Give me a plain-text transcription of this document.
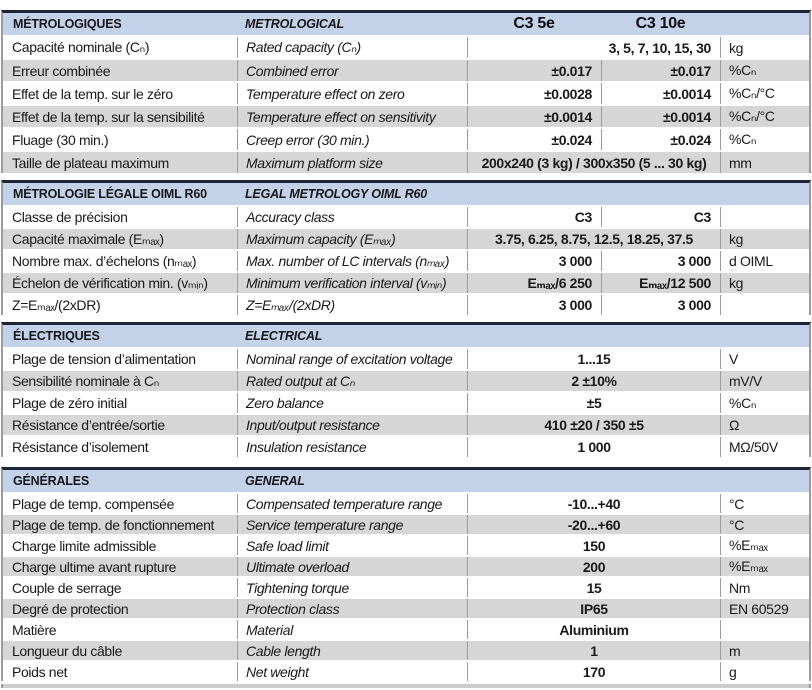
MÉTROLOGIQUES	METROLOGICAL	C3 5e	C3 10e
Capacité nominale (Cₙ)	Rated capacity (Cₙ)	3, 5, 7, 10, 15, 30	kg
Erreur combinée	Combined error	±0.017	±0.017	%Cₙ
Effet de la temp. sur le zéro	Temperature effect on zero	±0.0028	±0.0014	%Cₙ/°C
Effet de la temp. sur la sensibilité	Temperature effect on sensitivity	±0.0014	±0.0014	%Cₙ/°C
Fluage (30 min.)	Creep error (30 min.)	±0.024	±0.024	%Cₙ
Taille de plateau maximum	Maximum platform size	200x240 (3 kg) / 300x350 (5 ... 30 kg)	mm
MÉTROLOGIE LÉGALE OIML R60	LEGAL METROLOGY OIML R60
Classe de précision	Accuracy class	C3	C3
Capacité maximale (Eₘₐₓ)	Maximum capacity (Eₘₐₓ)	3.75, 6.25, 8.75, 12.5, 18.25, 37.5	kg
Nombre max. d’échelons (nₘₐₓ)	Max. number of LC intervals (nₘₐₓ)	3 000	3 000	d OIML
Échelon de vérification min. (vₘᵢₙ)	Minimum verification interval (vₘᵢₙ)	Eₘₐₓ/6 250	Eₘₐₓ/12 500	kg
Z=Eₘₐₓ/(2xDR)	Z=Eₘₐₓ/(2xDR)	3 000	3 000
ÉLECTRIQUES	ELECTRICAL
Plage de tension d’alimentation	Nominal range of excitation voltage	1...15	V
Sensibilité nominale à Cₙ	Rated output at Cₙ	2 ±10%	mV/V
Plage de zéro initial	Zero balance	±5	%Cₙ
Résistance d’entrée/sortie	Input/output resistance	410 ±20 / 350 ±5	Ω
Résistance d’isolement	Insulation resistance	1 000	MΩ/50V
GÉNÉRALES	GENERAL
Plage de temp. compensée	Compensated temperature range	-10...+40	°C
Plage de temp. de fonctionnement	Service temperature range	-20...+60	°C
Charge limite admissible	Safe load limit	150	%Eₘₐₓ
Charge ultime avant rupture	Ultimate overload	200	%Eₘₐₓ
Couple de serrage	Tightening torque	15	Nm
Degré de protection	Protection class	IP65	EN 60529
Matière	Material	Aluminium
Longueur du câble	Cable length	1	m
Poids net	Net weight	170	g
